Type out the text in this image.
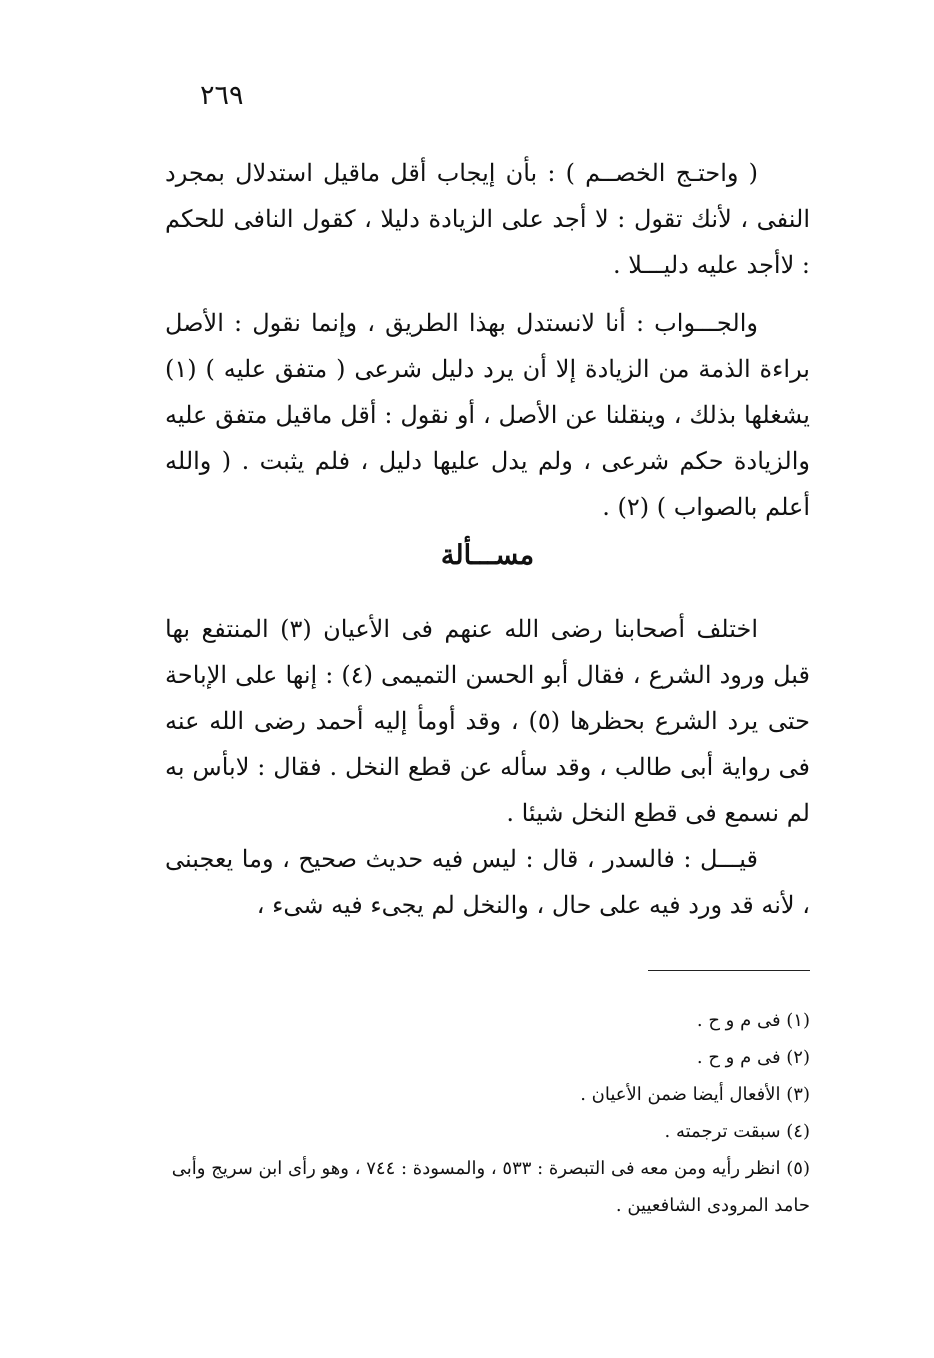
٢٦٩

( واحتـج الخصــم ) : بأن إيجاب أقل ماقيل استدلال بمجرد النفى ، لأنك تقول : لا أجد على الزيادة دليلا ، كقول النافى للحكم : لاأجد عليه دليـــلا .

والجـــواب : أنا لانستدل بهذا الطريق ، وإنما نقول : الأصل براءة الذمة من الزيادة إلا أن يرد دليل شرعى ( متفق عليه ) (١) يشغلها بذلك ، وينقلنا عن الأصل ، أو نقول : أقل ماقيل متفق عليه والزيادة حكم شرعى ، ولم يدل عليها دليل ، فلم يثبت . ( والله أعلم بالصواب ) (٢) .

مســـألة

اختلف أصحابنا رضى الله عنهم فى الأعيان (٣) المنتفع بها قبل ورود الشرع ، فقال أبو الحسن التميمى (٤) : إنها على الإباحة حتى يرد الشرع بحظرها (٥) ، وقد أومأ إليه أحمد رضى الله عنه فى رواية أبى طالب ، وقد سأله عن قطع النخل . فقال : لابأس به لم نسمع فى قطع النخل شيئا .

قيـــل : فالسدر ، قال : ليس فيه حديث صحيح ، وما يعجبنى ، لأنه قد ورد فيه على حال ، والنخل لم يجىء فيه شىء ،

(١) فى م و ح .

(٢) فى م و ح .

(٣) الأفعال أيضا ضمن الأعيان .

(٤) سبقت ترجمته .

(٥) انظر رأيه ومن معه فى التبصرة : ٥٣٣ ، والمسودة : ٧٤٤ ، وهو رأى ابن سريج وأبى حامد المرودى الشافعيين .
